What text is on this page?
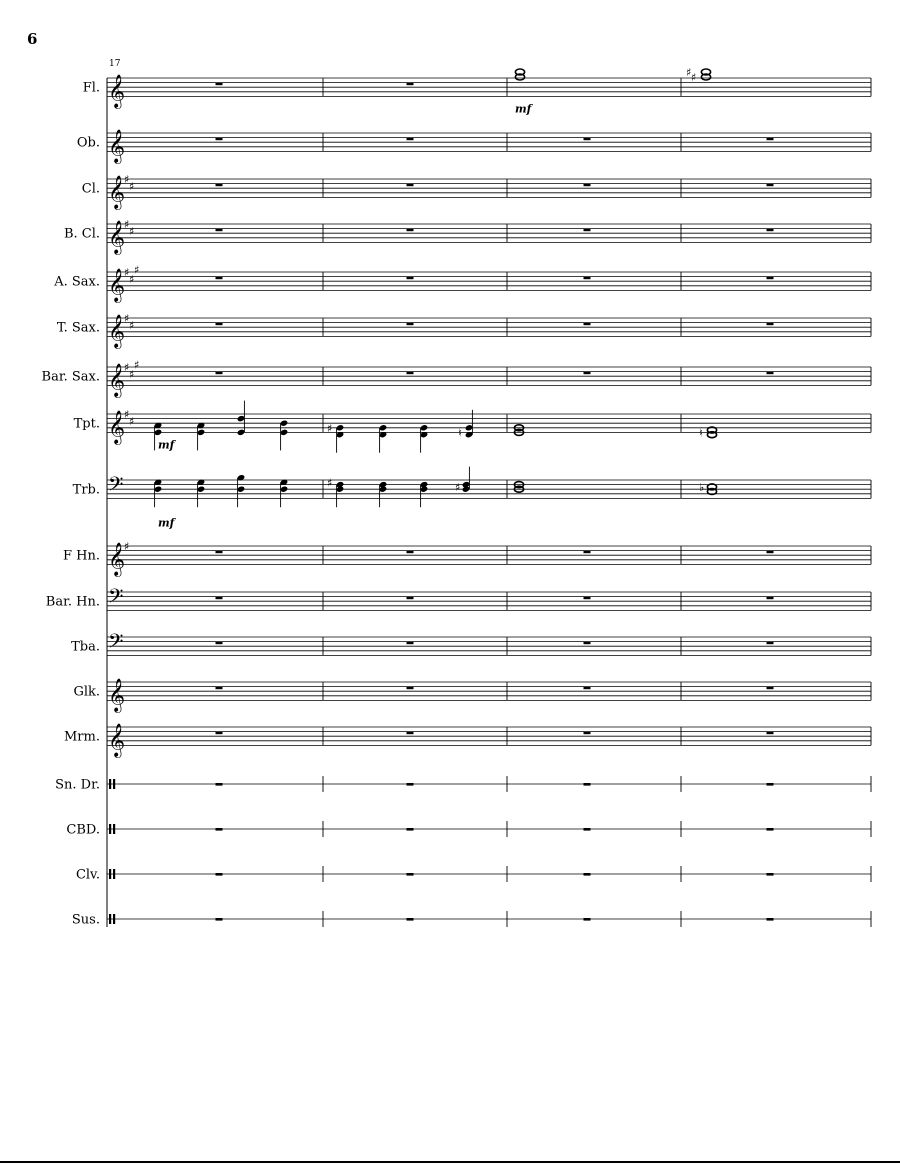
6
𝄞
Fl.
𝄞
Ob.
𝄞
♯
♯
Cl.
𝄞
♯
♯
B. Cl.
𝄞
♯
♯
♯
A. Sax.
𝄞
♯
♯
T. Sax.
𝄞
♯
♯
♯
Bar. Sax.
𝄞
♯
♯
Tpt.
𝄢
Trb.
𝄞
♯
F Hn.
𝄢
Bar. Hn.
𝄢
Tba.
𝄞
Glk.
𝄞
Mrm.
Sn. Dr.
CBD.
Clv.
Sus.
17
♯ ♯
♯	♮	♮
♯	♯	♭
mf
mf
mf
